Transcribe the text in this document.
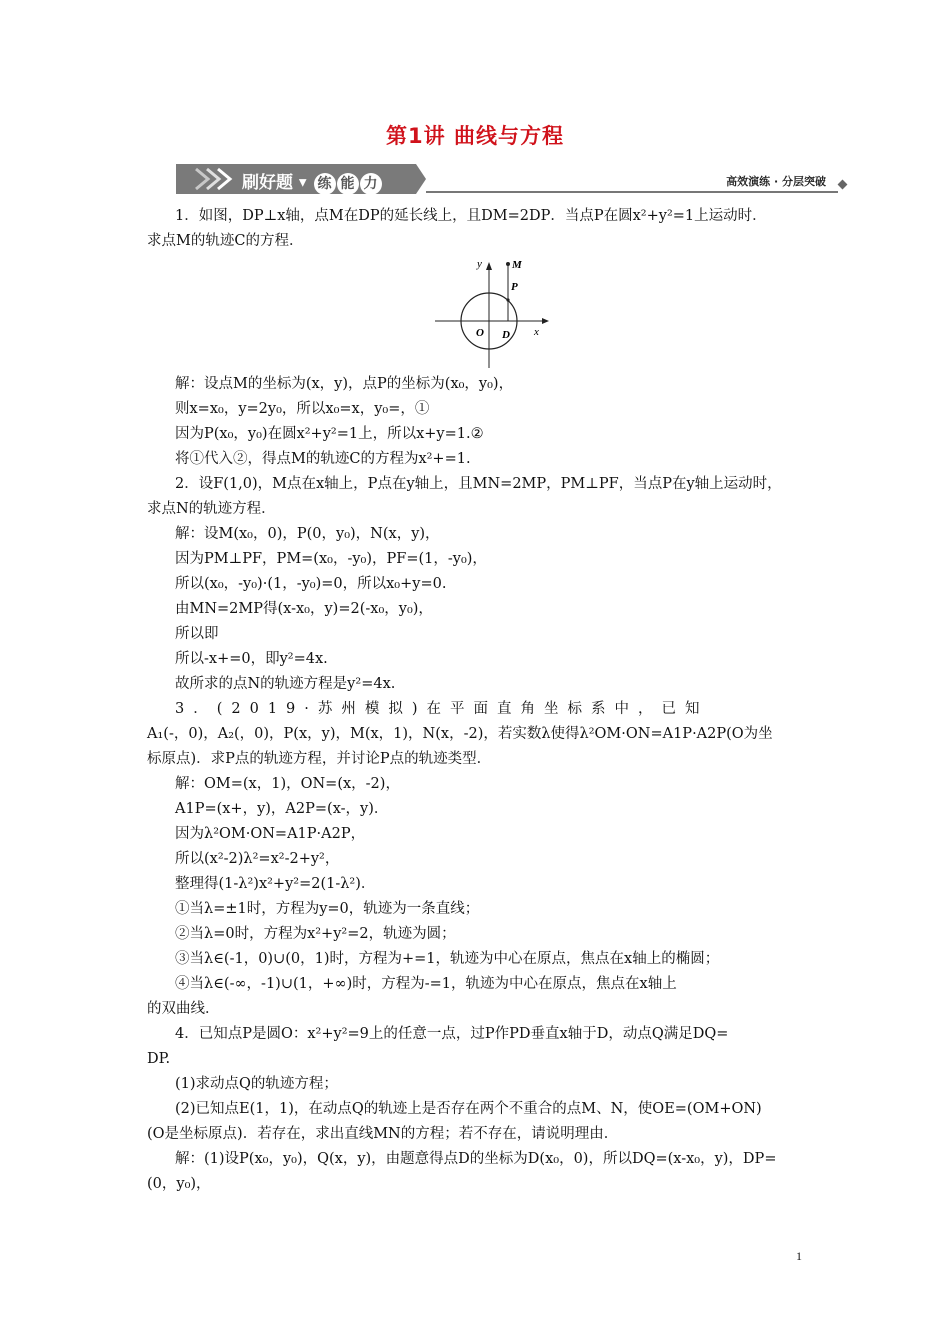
第1讲 曲线与方程
刷好题 ▼ 练 能 力	高效演练 · 分层突破

1．如图，DP⊥x轴，点M在DP的延长线上，且DM=2DP．当点P在圆x²+y²=1上运动时．

求点M的轨迹C的方程．

y	M
P
O D x

解：设点M的坐标为(x，y)，点P的坐标为(x₀，y₀)，

则x=x₀，y=2y₀，所以x₀=x，y₀=，①

因为P(x₀，y₀)在圆x²+y²=1上，所以x+y=1.②

将①代入②，得点M的轨迹C的方程为x²+=1.

2．设F(1,0)，M点在x轴上，P点在y轴上，且MN=2MP，PM⊥PF，当点P在y轴上运动时，

求点N的轨迹方程．

解：设M(x₀，0)，P(0，y₀)，N(x，y)，

因为PM⊥PF，PM=(x₀，-y₀)，PF=(1，-y₀)，

所以(x₀，-y₀)·(1，-y₀)=0，所以x₀+y=0.

由MN=2MP得(x-x₀，y)=2(-x₀，y₀)，

所以即

所以-x+=0，即y²=4x.

故所求的点N的轨迹方程是y²=4x.

3．(2019·苏州模拟)在平面直角坐标系中，已知

A₁(-，0)，A₂(，0)，P(x，y)，M(x，1)，N(x，-2)，若实数λ使得λ²OM·ON=A1P·A2P(O为坐

标原点)．求P点的轨迹方程，并讨论P点的轨迹类型．

解：OM=(x，1)，ON=(x，-2)，

A1P=(x+，y)，A2P=(x-，y)．

因为λ²OM·ON=A1P·A2P，

所以(x²-2)λ²=x²-2+y²，

整理得(1-λ²)x²+y²=2(1-λ²)．

①当λ=±1时，方程为y=0，轨迹为一条直线；

②当λ=0时，方程为x²+y²=2，轨迹为圆；

③当λ∈(-1，0)∪(0，1)时，方程为+=1，轨迹为中心在原点，焦点在x轴上的椭圆；

④当λ∈(-∞，-1)∪(1，+∞)时，方程为-=1，轨迹为中心在原点，焦点在x轴上

的双曲线．

4．已知点P是圆O：x²+y²=9上的任意一点，过P作PD垂直x轴于D，动点Q满足DQ=

DP.

(1)求动点Q的轨迹方程；

(2)已知点E(1，1)，在动点Q的轨迹上是否存在两个不重合的点M、N，使OE=(OM+ON)

(O是坐标原点)．若存在，求出直线MN的方程；若不存在，请说明理由．

解：(1)设P(x₀，y₀)，Q(x，y)，由题意得点D的坐标为D(x₀，0)，所以DQ=(x-x₀，y)，DP=

(0，y₀)，

1
